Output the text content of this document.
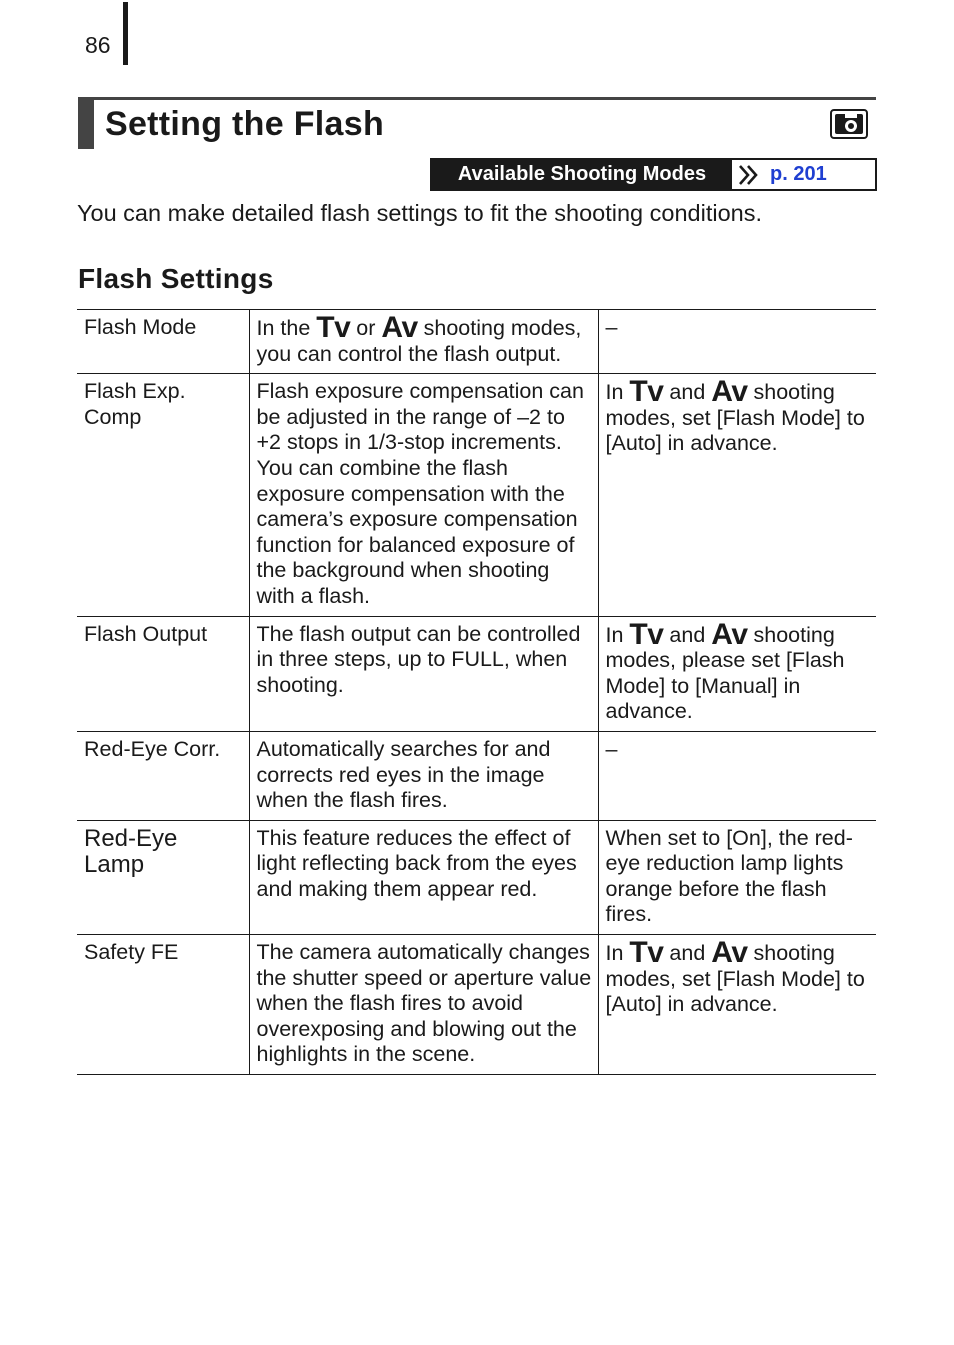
86
Setting the Flash
Available Shooting Modes	p. 201
You can make detailed flash settings to fit the shooting conditions.
Flash Settings
Flash Mode	In the Tv or Av shooting modes, you can control the flash output.	–
Flash Exp. Comp	Flash exposure compensation can be adjusted in the range of –2 to +2 stops in 1/3-stop increments. You can combine the flash exposure compensation with the camera’s exposure compensation function for balanced exposure of the background when shooting with a flash.	In Tv and Av shooting modes, set [Flash Mode] to [Auto] in advance.
Flash Output	The flash output can be controlled in three steps, up to FULL, when shooting.	In Tv and Av shooting modes, please set [Flash Mode] to [Manual] in advance.
Red-Eye Corr.	Automatically searches for and corrects red eyes in the image when the flash fires.	–
Red-Eye Lamp	This feature reduces the effect of light reflecting back from the eyes and making them appear red.	When set to [On], the red-eye reduction lamp lights orange before the flash fires.
Safety FE	The camera automatically changes the shutter speed or aperture value when the flash fires to avoid overexposing and blowing out the highlights in the scene.	In Tv and Av shooting modes, set [Flash Mode] to [Auto] in advance.
